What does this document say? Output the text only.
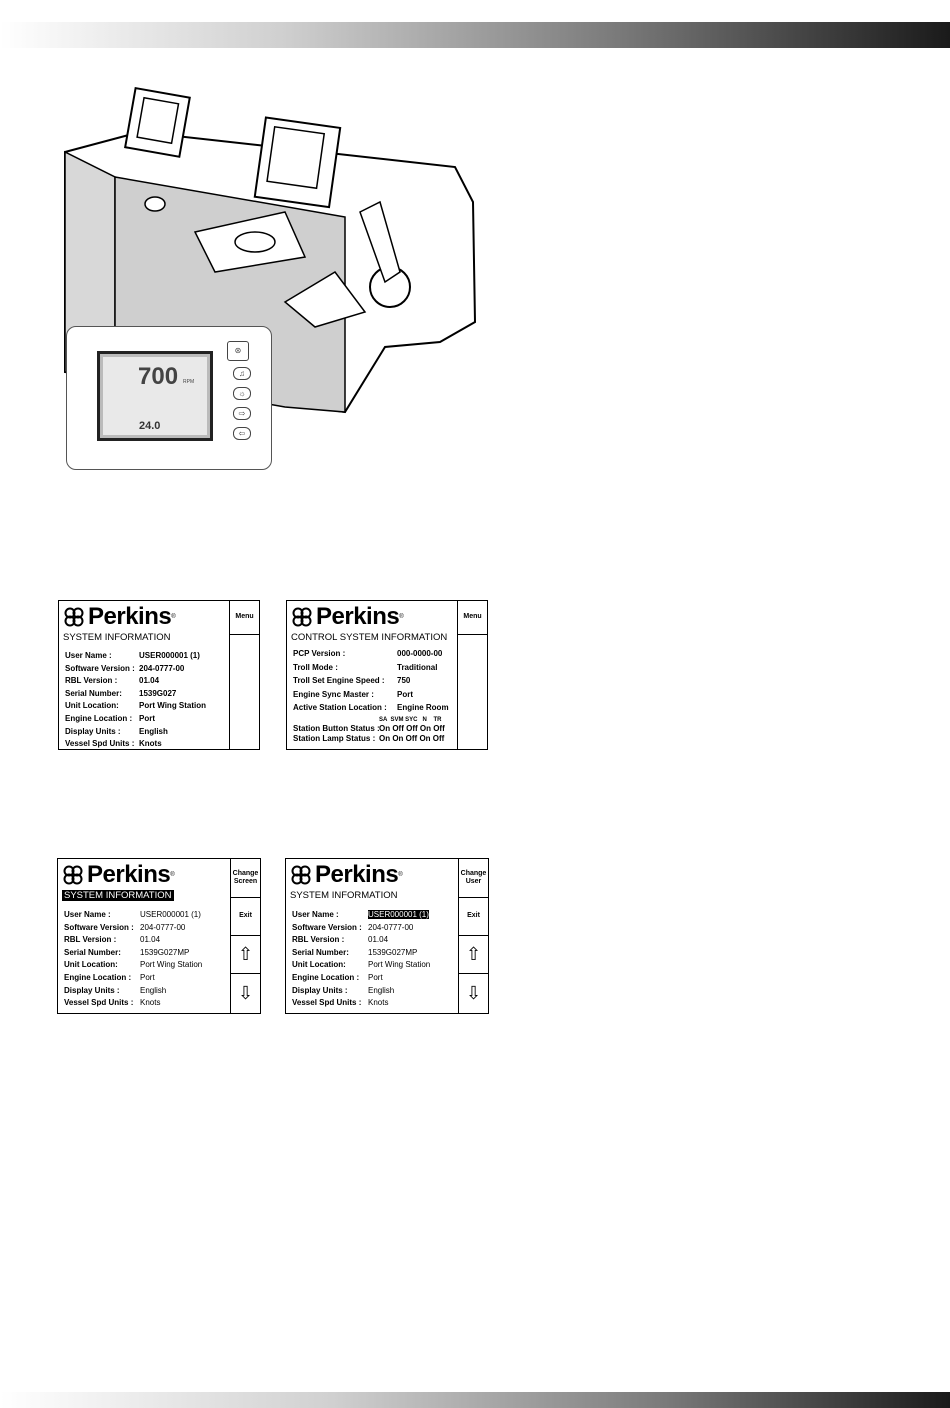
700 RPM
24.0
⊛
♫
☼
⇨
⇦
Perkins ®
SYSTEM INFORMATION
Menu
User Name :	USER000001 (1)
Software Version : 204-0777-00
RBL Version :	01.04
Serial Number: 1539G027
Unit Location:	Port Wing Station
Engine Location : Port
Display Units : English
Vessel Spd Units : Knots
Perkins ®
CONTROL SYSTEM INFORMATION
Menu
PCP Version :	000-0000-00
Troll Mode :	Traditional
Troll Set Engine Speed : 750
Engine Sync Master :	Port
Active Station Location : Engine Room
SA  SVM SYC   N    TR
Station Button Status : On Off Off On Off
Station Lamp Status : On On Off On Off
Perkins ®
SYSTEM INFORMATION
Change Screen
Exit
⇧
⇩
User Name :	USER000001 (1)
Software Version : 204-0777-00
RBL Version :	01.04
Serial Number: 1539G027MP
Unit Location:	Port Wing Station
Engine Location : Port
Display Units :	English
Vessel Spd Units : Knots
Perkins ®
SYSTEM INFORMATION
Change User
Exit
⇧
⇩
User Name :	USER000001 (1)
Software Version : 204-0777-00
RBL Version :	01.04
Serial Number: 1539G027MP
Unit Location:	Port Wing Station
Engine Location : Port
Display Units :	English
Vessel Spd Units : Knots
